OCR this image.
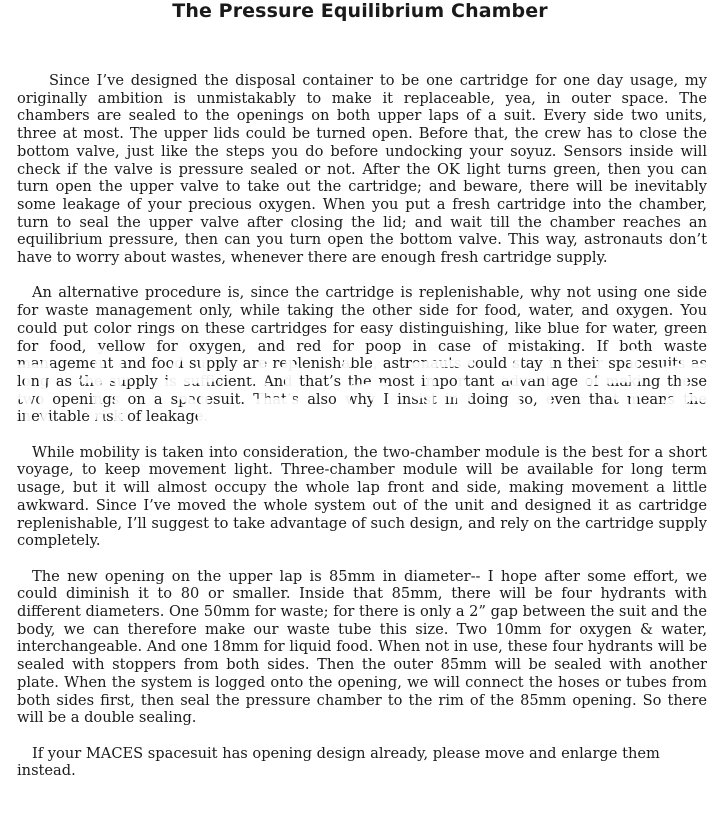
The Pressure Equilibrium Chamber

Since I’ve designed the disposal container to be one cartridge for one day usage, my originally ambition is unmistakably to make it replaceable, yea, in outer space. The chambers are sealed to the openings on both upper laps of a suit. Every side two units, three at most. The upper lids could be turned open. Before that, the crew has to close the bottom valve, just like the steps you do before undocking your soyuz. Sensors inside will check if the valve is pressure sealed or not. After the OK light turns green, then you can turn open the upper valve to take out the cartridge; and beware, there will be inevitably some leakage of your precious oxygen. When you put a fresh cartridge into the chamber, turn to seal the upper valve after closing the lid; and wait till the chamber reaches an equilibrium pressure, then can you turn open the bottom valve. This way, astronauts don’t have to worry about wastes, whenever there are enough fresh cartridge supply.

An alternative procedure is, since the cartridge is replenishable, why not using one side for waste management only, while taking the other side for food, water, and oxygen. You could put color rings on these cartridges for easy distinguishing, like blue for water, green for food, yellow for oxygen, and red for poop in case of mistaking. If both waste management and food supply are replenishable, astronauts could stay in their spacesuits as long as the supply is sufficient. And that’s the most important advantage of making these two openings on a spacesuit. That’s also why I insist in doing so, even that means the inevitable risk of leakage.

While mobility is taken into consideration, the two-chamber module is the best for a short voyage, to keep movement light. Three-chamber module will be available for long term usage, but it will almost occupy the whole lap front and side, making movement a little awkward. Since I’ve moved the whole system out of the unit and designed it as cartridge replenishable, I’ll suggest to take advantage of such design, and rely on the cartridge supply completely.

The new opening on the upper lap is 85mm in diameter-- I hope after some effort, we could diminish it to 80 or smaller. Inside that 85mm, there will be four hydrants with different diameters. One 50mm for waste; for there is only a 2” gap between the suit and the body, we can therefore make our waste tube this size. Two 10mm for oxygen & water, interchangeable. And one 18mm for liquid food. When not in use, these four hydrants will be sealed with stoppers from both sides. Then the outer 85mm will be sealed with another plate. When the system is logged onto the opening, we will connect the hoses or tubes from both sides first, then seal the pressure chamber to the rim of the 85mm opening. So there will be a double sealing.

If your MACES spacesuit has opening design already, please move and enlarge them instead.
